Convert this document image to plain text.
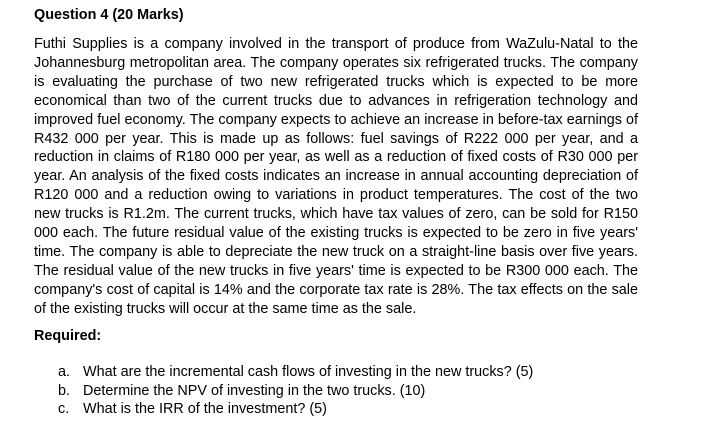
Question 4 (20 Marks)

Futhi Supplies is a company involved in the transport of produce from WaZulu-Natal to the Johannesburg metropolitan area. The company operates six refrigerated trucks. The company is evaluating the purchase of two new refrigerated trucks which is expected to be more economical than two of the current trucks due to advances in refrigeration technology and improved fuel economy. The company expects to achieve an increase in before-tax earnings of R432 000 per year. This is made up as follows: fuel savings of R222 000 per year, and a reduction in claims of R180 000 per year, as well as a reduction of fixed costs of R30 000 per year. An analysis of the fixed costs indicates an increase in annual accounting depreciation of R120 000 and a reduction owing to variations in product temperatures. The cost of the two new trucks is R1.2m. The current trucks, which have tax values of zero, can be sold for R150 000 each. The future residual value of the existing trucks is expected to be zero in five years' time. The company is able to depreciate the new truck on a straight-line basis over five years. The residual value of the new trucks in five years' time is expected to be R300 000 each. The company's cost of capital is 14% and the corporate tax rate is 28%. The tax effects on the sale of the existing trucks will occur at the same time as the sale.

Required:
a. What are the incremental cash flows of investing in the new trucks? (5)
b. Determine the NPV of investing in the two trucks. (10)
c. What is the IRR of the investment? (5)
